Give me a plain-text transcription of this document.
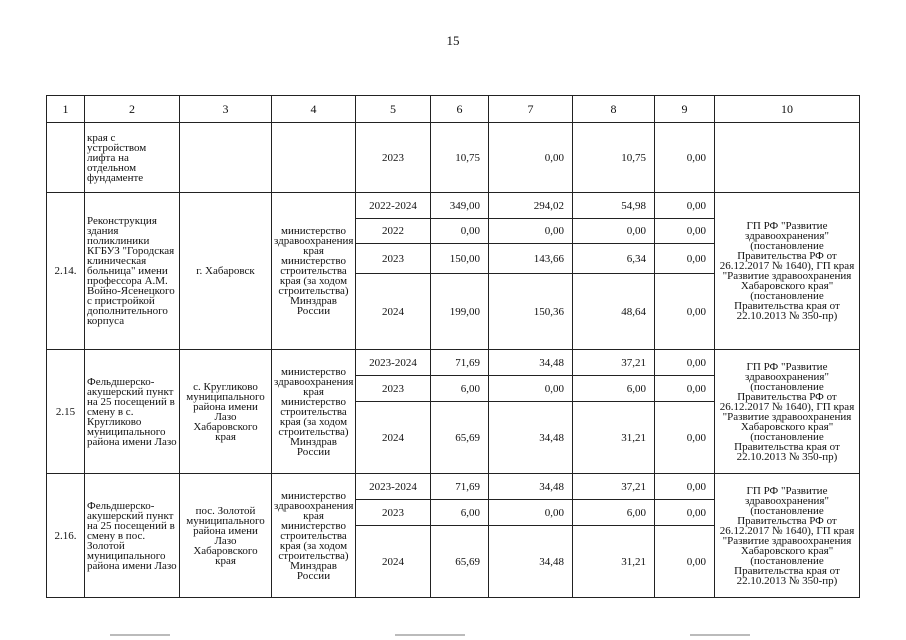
15
1	2	3	4	5	6	7	8	9	10
	края с устройством лифта на отдельном фундаменте			2023	10,75	0,00	10,75	0,00	
2.14.	Реконструкция здания поликлиники КГБУЗ "Городская клиническая больница" имени профессора А.М. Войно-Ясенецкого с пристройкой дополнительного корпуса	г. Хабаровск	министерство здравоохранения края министерство строительства края (за ходом строительства) Минздрав России	2022-2024	349,00	294,02	54,98	0,00	ГП РФ "Развитие здравоохранения" (постановление Правительства РФ от 26.12.2017 № 1640), ГП края "Развитие здравоохранения Хабаровского края" (постановление Правительства края от 22.10.2013 № 350-пр)
				2022	0,00	0,00	0,00	0,00	
				2023	150,00	143,66	6,34	0,00	
				2024	199,00	150,36	48,64	0,00	
2.15	Фельдшерско-акушерский пункт на 25 посещений в смену в с. Кругликово муниципального района имени Лазо	с. Кругликово муниципального района имени Лазо Хабаровского края	министерство здравоохранения края министерство строительства края (за ходом строительства) Минздрав России	2023-2024	71,69	34,48	37,21	0,00	ГП РФ "Развитие здравоохранения" (постановление Правительства РФ от 26.12.2017 № 1640), ГП края "Развитие здравоохранения Хабаровского края" (постановление Правительства края от 22.10.2013 № 350-пр)
				2023	6,00	0,00	6,00	0,00	
				2024	65,69	34,48	31,21	0,00	
2.16.	Фельдшерско-акушерский пункт на 25 посещений в смену в пос. Золотой муниципального района имени Лазо	пос. Золотой муниципального района имени Лазо Хабаровского края	министерство здравоохранения края министерство строительства края (за ходом строительства) Минздрав России	2023-2024	71,69	34,48	37,21	0,00	ГП РФ "Развитие здравоохранения" (постановление Правительства РФ от 26.12.2017 № 1640), ГП края "Развитие здравоохранения Хабаровского края" (постановление Правительства края от 22.10.2013 № 350-пр)
				2023	6,00	0,00	6,00	0,00	
				2024	65,69	34,48	31,21	0,00	
